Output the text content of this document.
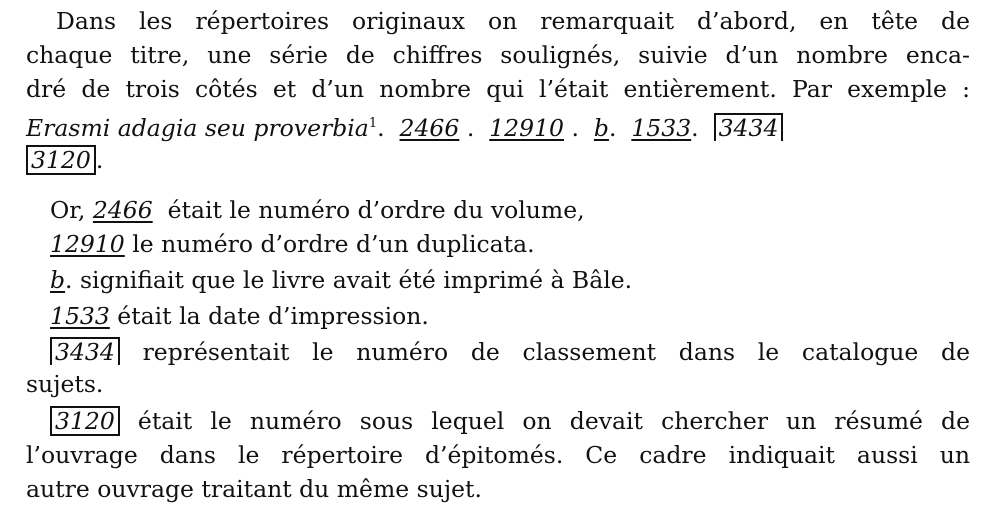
Dans les répertoires originaux on remarquait d’abord, en tête de
chaque titre, une série de chiffres soulignés, suivie d’un nombre enca-
dré de trois côtés et d’un nombre qui l’était entièrement. Par exemple :
Erasmi adagia seu proverbia$^1$.  2466 .  12910 .  b.  1533.  3434
3120 .
Or, 2466 était le numéro d’ordre du volume,
12910 le numéro d’ordre d’un duplicata.
b. signifiait que le livre avait été imprimé à Bâle.
1533 était la date d’impression.
3434 représentait le numéro de classement dans le catalogue de
sujets.
3120 était le numéro sous lequel on devait chercher un résumé de
l’ouvrage dans le répertoire d’épitomés. Ce cadre indiquait aussi un
autre ouvrage traitant du même sujet.
